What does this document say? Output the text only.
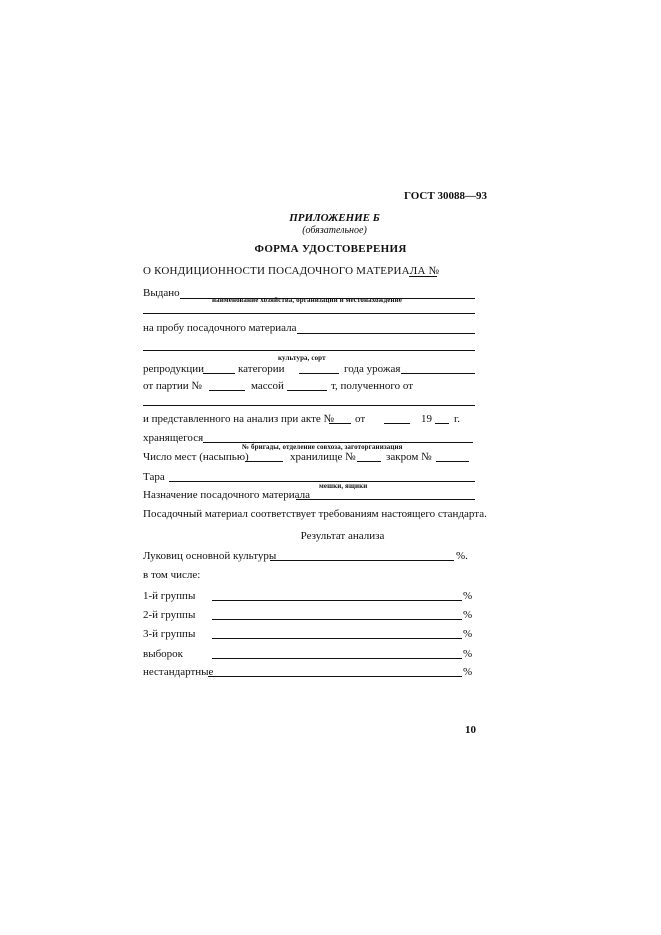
ГОСТ 30088—93
ПРИЛОЖЕНИЕ Б
(обязательное)
ФОРМА УДОСТОВЕРЕНИЯ
О КОНДИЦИОННОСТИ ПОСАДОЧНОГО МАТЕРИАЛА №
Выдано
наименование хозяйства, организации и местонахождение
на пробу посадочного материала
культура, сорт
репродукции	категории	года урожая
от партии №	массой	т, полученного от
и представленного на анализ при акте № от	19 г.
хранящегося
№ бригады, отделение совхоза, заготорганизация
Число мест (насыпью)	хранилище №	закром №
Тара
мешки, ящики
Назначение посадочного материала
Посадочный материал соответствует требованиям настоящего стандарта.
Результат анализа
Луковиц основной культуры	%.
в том числе:
1-й группы	%
2-й группы	%
3-й группы	%
выборок	%
нестандартные	%
10
